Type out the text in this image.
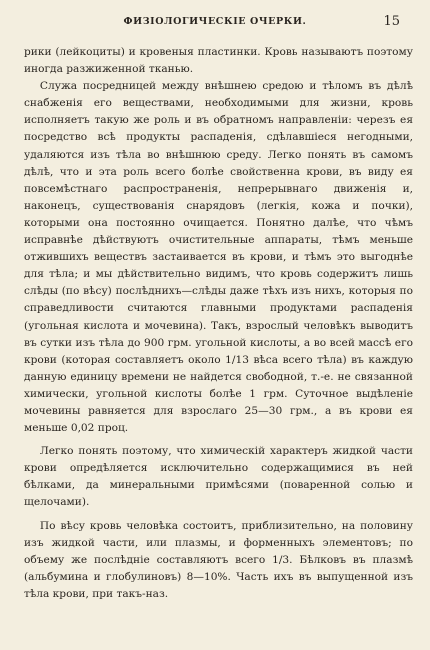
ФИЗІОЛОГИЧЕСКІЕ ОЧЕРКИ.	15

рики (лейкоциты) и кровеныя пластинки. Кровь называютъ поэтому иногда разжиженной тканью.

Служа посредницей между внѣшнею средою и тѣломъ въ дѣлѣ снабженія его веществами, необходимыми для жизни, кровь исполняетъ такую же роль и въ обратномъ направленіи: черезъ ея посредство всѣ продукты распаденія, сдѣлавшіеся негодными, удаляются изъ тѣла во внѣшнюю среду. Легко понять въ самомъ дѣлѣ, что и эта роль всего болѣе свойственна крови, въ виду ея повсемѣстнаго распространенія, непрерывнаго движенія и, наконецъ, существованія снарядовъ (легкія, кожа и почки), которыми она постоянно очищается. Понятно далѣе, что чѣмъ исправнѣе дѣйствуютъ очистительные аппараты, тѣмъ меньше отжившихъ веществъ застаивается въ крови, и тѣмъ это выгоднѣе для тѣла; и мы дѣйствительно видимъ, что кровь содержитъ лишь слѣды (по вѣсу) послѣднихъ—слѣды даже тѣхъ изъ нихъ, которыя по справедливости считаются главными продуктами распаденія (угольная кислота и мочевина). Такъ, взрослый человѣкъ выводитъ въ сутки изъ тѣла до 900 грм. угольной кислоты, а во всей массѣ его крови (которая составляетъ около 1/13 вѣса всего тѣла) въ каждую данную единицу времени не найдется свободной, т.-е. не связанной химически, угольной кислоты болѣе 1 грм. Суточное выдѣленіе мочевины равняется для взрослаго 25—30 грм., а въ крови ея меньше 0,02 проц.

Легко понять поэтому, что химическій характеръ жидкой части крови опредѣляется исключительно содержащимися въ ней бѣлками, да минеральными примѣсями (поваренной солью и щелочами).

По вѣсу кровь человѣка состоитъ, приблизительно, на половину изъ жидкой части, или плазмы, и форменныхъ элементовъ; по объему же послѣдніе составляютъ всего 1/3. Бѣлковъ въ плазмѣ (альбумина и глобулиновъ) 8—10%. Часть ихъ въ выпущенной изъ тѣла крови, при такъ-наз.
